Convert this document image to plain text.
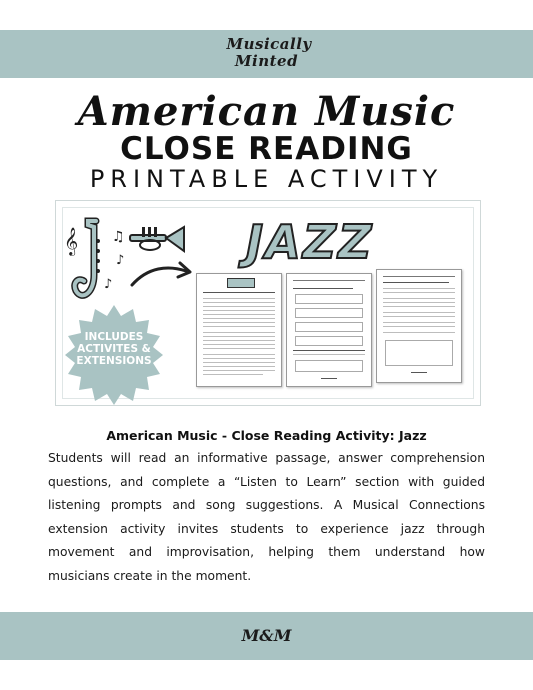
Musically Minted
American Music
CLOSE READING
PRINTABLE ACTIVITY
𝄞 ♫
♪
♪
JAZZ
INCLUDES
ACTIVITES &
EXTENSIONS
American Music - Close Reading Activity: Jazz
Students will read an informative passage, answer comprehension questions, and complete a “Listen to Learn” section with guided listening prompts and song suggestions. A Musical Connections extension activity invites students to experience jazz through movement and improvisation, helping them understand how musicians create in the moment.
M&M
